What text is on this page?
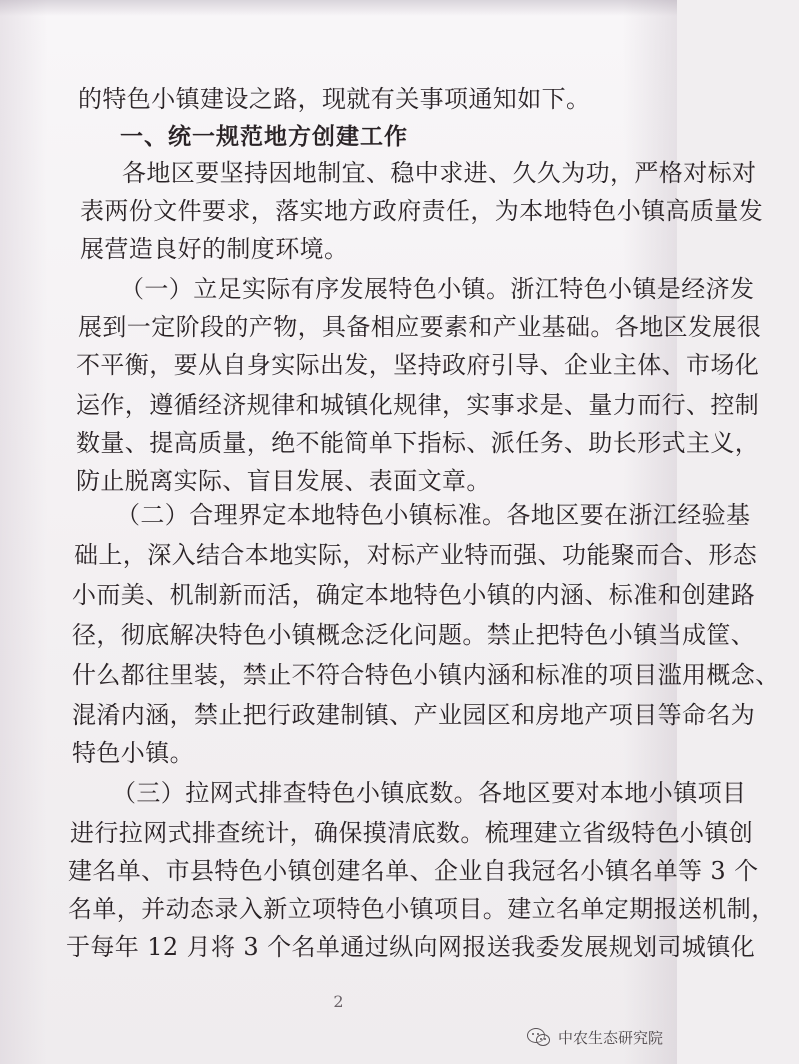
的特色小镇建设之路，现就有关事项通知如下。
一、统一规范地方创建工作
各地区要坚持因地制宜、稳中求进、久久为功，严格对标对
表两份文件要求，落实地方政府责任，为本地特色小镇高质量发
展营造良好的制度环境。
（一）立足实际有序发展特色小镇。浙江特色小镇是经济发
展到一定阶段的产物，具备相应要素和产业基础。各地区发展很
不平衡，要从自身实际出发，坚持政府引导、企业主体、市场化
运作，遵循经济规律和城镇化规律，实事求是、量力而行、控制
数量、提高质量，绝不能简单下指标、派任务、助长形式主义，
防止脱离实际、盲目发展、表面文章。
（二）合理界定本地特色小镇标准。各地区要在浙江经验基
础上，深入结合本地实际，对标产业特而强、功能聚而合、形态
小而美、机制新而活，确定本地特色小镇的内涵、标准和创建路
径，彻底解决特色小镇概念泛化问题。禁止把特色小镇当成筐、
什么都往里装，禁止不符合特色小镇内涵和标准的项目滥用概念、
混淆内涵，禁止把行政建制镇、产业园区和房地产项目等命名为
特色小镇。
（三）拉网式排查特色小镇底数。各地区要对本地小镇项目
进行拉网式排查统计，确保摸清底数。梳理建立省级特色小镇创
建名单、市县特色小镇创建名单、企业自我冠名小镇名单等 3 个
名单，并动态录入新立项特色小镇项目。建立名单定期报送机制，
于每年 12 月将 3 个名单通过纵向网报送我委发展规划司城镇化
2
中农生态研究院
